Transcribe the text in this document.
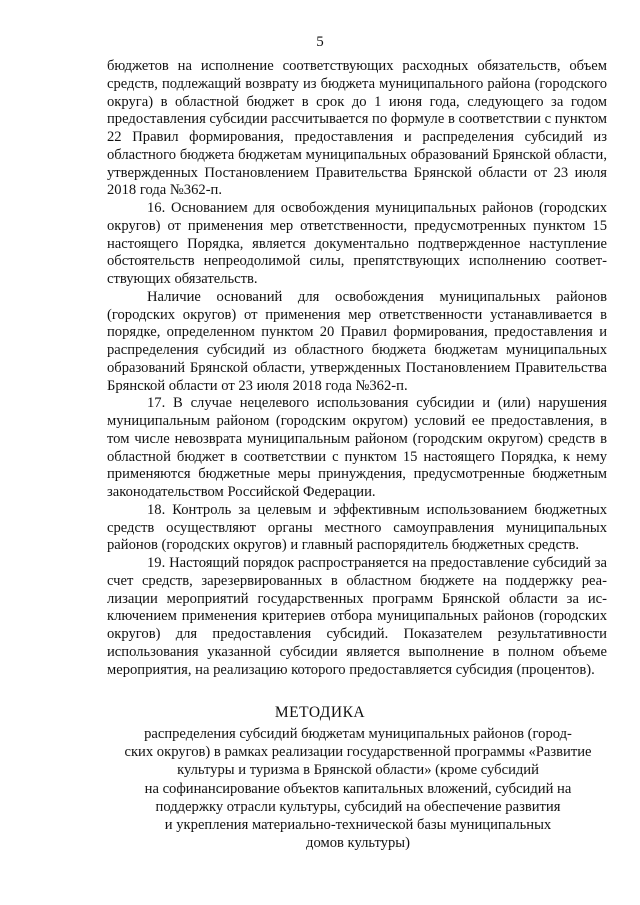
5

бюджетов на исполнение соответствующих расходных обязательств, объем средств, подлежащий возврату из бюджета муниципального района (городского округа) в областной бюджет в срок до 1 июня года, следующего за годом предоставления субсидии рассчитывается по формуле в соответствии с пунктом 22 Правил формирования, предоставления и распределения субсидий из областного бюджета бюджетам муниципальных образований Брянской области, утвержденных Постановлением Правительства Брянской области от 23 июля 2018 года №362-п.

16. Основанием для освобождения муниципальных районов (городских округов) от применения мер ответственности, предусмотренных пунктом 15 настоящего Порядка, является документально подтвержденное наступление обстоятельств непреодолимой силы, препятствующих исполнению соответствующих обязательств.

Наличие оснований для освобождения муниципальных районов (городских округов) от применения мер ответственности устанавливается в порядке, определенном пунктом 20 Правил формирования, предоставления и распределения субсидий из областного бюджета бюджетам муниципальных образований Брянской области, утвержденных Постановлением Правительства Брянской области от 23 июля 2018 года №362-п.

17. В случае нецелевого использования субсидии и (или) нарушения муниципальным районом (городским округом) условий ее предоставления, в том числе невозврата муниципальным районом (городским округом) средств в областной бюджет в соответствии с пунктом 15 настоящего Порядка, к нему применяются бюджетные меры принуждения, предусмотренные бюджетным законодательством Российской Федерации.

18. Контроль за целевым и эффективным использованием бюджетных средств осуществляют органы местного самоуправления муниципальных районов (городских округов) и главный распорядитель бюджетных средств.

19. Настоящий порядок распространяется на предоставление субсидий за счет средств, зарезервированных в областном бюджете на поддержку реализации мероприятий государственных программ Брянской области за исключением применения критериев отбора муниципальных районов (городских округов) для предоставления субсидий. Показателем результативности использования указанной субсидии является выполнение в полном объеме мероприятия, на реализацию которого предоставляется субсидия (процентов).

МЕТОДИКА
распределения субсидий бюджетам муниципальных районов (город-
ских округов) в рамках реализации государственной программы «Развитие
культуры и туризма в Брянской области» (кроме субсидий
на софинансирование объектов капитальных вложений, субсидий на
поддержку отрасли культуры, субсидий на обеспечение развития
и укрепления материально-технической базы муниципальных
домов культуры)
